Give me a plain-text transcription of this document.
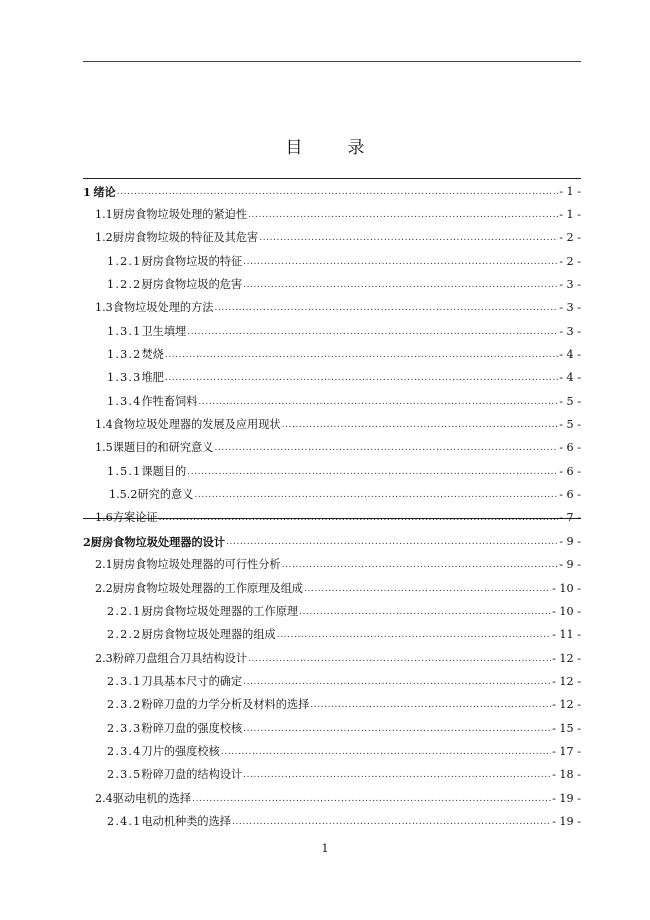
目　录
1 绪论 .....	- 1 -
1.1 厨房食物垃圾处理的紧迫性 .....	- 1 -
1.2 厨房食物垃圾的特征及其危害 .....	- 2 -
1.2.1 厨房食物垃圾的特征 .....	- 2 -
1.2.2 厨房食物垃圾的危害 .....	- 3 -
1.3 食物垃圾处理的方法 .....	- 3 -
1.3.1 卫生填埋 .....	- 3 -
1.3.2 焚烧 .....	- 4 -
1.3.3 堆肥 .....	- 4 -
1.3.4 作牲畜饲料 .....	- 5 -
1.4 食物垃圾处理器的发展及应用现状 .....	- 5 -
1.5 课题目的和研究意义 .....	- 6 -
1.5.1 课题目的 .....	- 6 -
1.5.2 研究的意义 .....	- 6 -
1.6 方案论证 .....	- 7 -
2 厨房食物垃圾处理器的设计 .....	- 9 -
2.1 厨房食物垃圾处理器的可行性分析 .....	- 9 -
2.2 厨房食物垃圾处理器的工作原理及组成 .....	- 10 -
2.2.1 厨房食物垃圾处理器的工作原理 .....	- 10 -
2.2.2 厨房食物垃圾处理器的组成 .....	- 11 -
2.3 粉碎刀盘组合刀具结构设计 .....	- 12 -
2.3.1 刀具基本尺寸的确定 .....	- 12 -
2.3.2 粉碎刀盘的力学分析及材料的选择 .....	- 12 -
2.3.3 粉碎刀盘的强度校核 .....	- 15 -
2.3.4 刀片的强度校核 .....	- 17 -
2.3.5 粉碎刀盘的结构设计 .....	- 18 -
2.4 驱动电机的选择 .....	- 19 -
2.4.1 电动机种类的选择 .....	- 19 -
1
